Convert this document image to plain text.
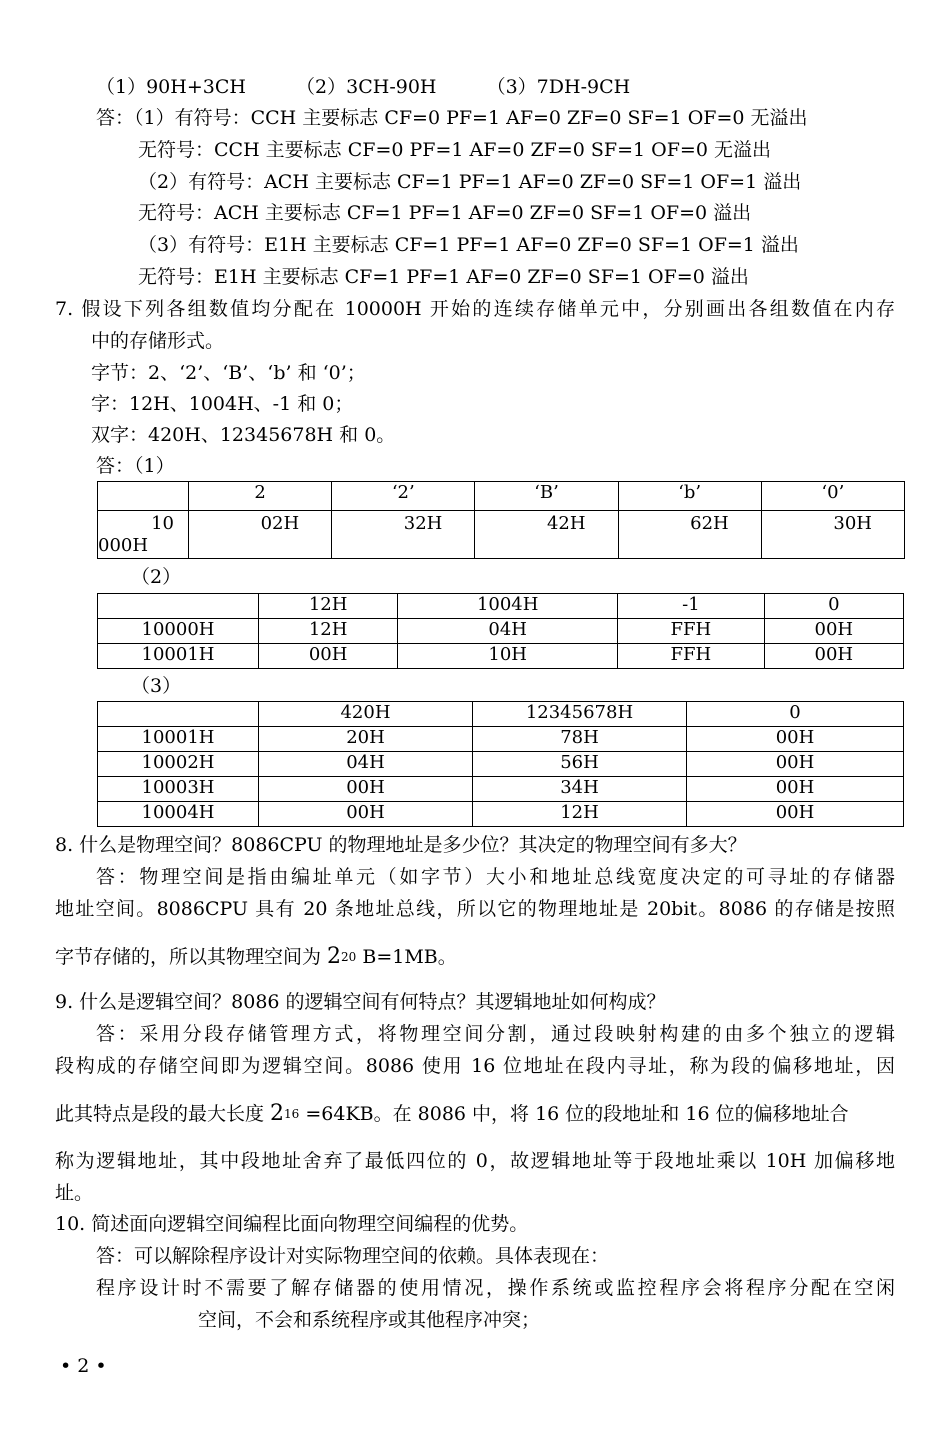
（1）90H+3CH	（2）3CH-90H	（3）7DH-9CH
答：（1）有符号：CCH 主要标志 CF=0 PF=1 AF=0 ZF=0 SF=1 OF=0 无溢出
无符号：CCH 主要标志 CF=0 PF=1 AF=0 ZF=0 SF=1 OF=0 无溢出
（2）有符号：ACH 主要标志 CF=1 PF=1 AF=0 ZF=0 SF=1 OF=1 溢出
无符号：ACH 主要标志 CF=1 PF=1 AF=0 ZF=0 SF=1 OF=0 溢出
（3）有符号：E1H 主要标志 CF=1 PF=1 AF=0 ZF=0 SF=1 OF=1 溢出
无符号：E1H 主要标志 CF=1 PF=1 AF=0 ZF=0 SF=1 OF=0 溢出
7. 假设下列各组数值均分配在 10000H 开始的连续存储单元中，分别画出各组数值在内存
中的存储形式。
字节：2、‘2’、‘B’、‘b’ 和 ‘0’；
字：12H、1004H、-1 和 0；
双字：420H、12345678H 和 0。
答：（1）
	2	‘2’	‘B’	‘b’	‘0’

10
000H	02H	32H	42H	62H	30H
（2）
	12H	1004H	-1	0
10000H	12H	04H	FFH	00H
10001H	00H	10H	FFH	00H
（3）
	420H	12345678H	0
10001H	20H	78H	00H
10002H	04H	56H	00H
10003H	00H	34H	00H
10004H	00H	12H	00H
8. 什么是物理空间？8086CPU 的物理地址是多少位？其决定的物理空间有多大？
答：物理空间是指由编址单元（如字节）大小和地址总线宽度决定的可寻址的存储器
地址空间。8086CPU 具有 20 条地址总线，所以它的物理地址是 20bit。8086 的存储是按照
字节存储的，所以其物理空间为 $2^{20}$ B=1MB。
9. 什么是逻辑空间？8086 的逻辑空间有何特点？其逻辑地址如何构成？
答：采用分段存储管理方式，将物理空间分割，通过段映射构建的由多个独立的逻辑
段构成的存储空间即为逻辑空间。8086 使用 16 位地址在段内寻址，称为段的偏移地址，因
此其特点是段的最大长度 $2^{16} =64KB$。在 8086 中，将 16 位的段地址和 16 位的偏移地址合
称为逻辑地址，其中段地址舍弃了最低四位的 0，故逻辑地址等于段地址乘以 10H 加偏移地
址。
10. 简述面向逻辑空间编程比面向物理空间编程的优势。
答：可以解除程序设计对实际物理空间的依赖。具体表现在：
程序设计时不需要了解存储器的使用情况，操作系统或监控程序会将程序分配在空闲
空间，不会和系统程序或其他程序冲突；
• 2 •
